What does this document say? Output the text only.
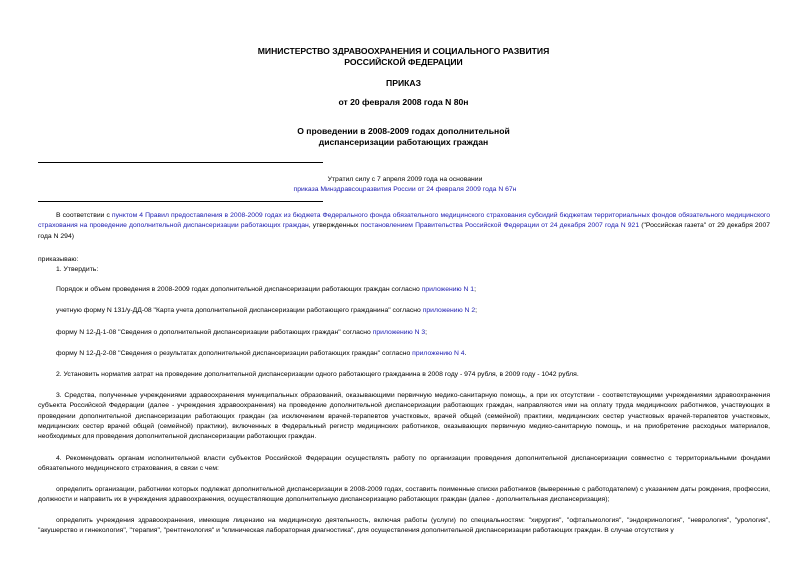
МИНИСТЕРСТВО ЗДРАВООХРАНЕНИЯ И СОЦИАЛЬНОГО РАЗВИТИЯ
РОССИЙСКОЙ ФЕДЕРАЦИИ
ПРИКАЗ
от 20 февраля 2008 года N 80н
О проведении в 2008-2009 годах дополнительной
диспансеризации работающих граждан
Утратил силу с 7 апреля 2009 года на основании
приказа Минздравсоцразвития России от 24 февраля 2009 года N 67н
В соответствии с пунктом 4 Правил предоставления в 2008-2009 годах из бюджета Федерального фонда обязательного медицинского страхования субсидий бюджетам территориальных фондов обязательного медицинского страхования на проведение дополнительной диспансеризации работающих граждан, утвержденных постановлением Правительства Российской Федерации от 24 декабря 2007 года N 921 ("Российская газета" от 29 декабря 2007 года N 294)
приказываю:
1. Утвердить:
Порядок и объем проведения в 2008-2009 годах дополнительной диспансеризации работающих граждан согласно приложению N 1;
учетную форму N 131/у-ДД-08 "Карта учета дополнительной диспансеризации работающего гражданина" согласно приложению N 2;
форму N 12-Д-1-08 "Сведения о дополнительной диспансеризации работающих граждан" согласно приложению N 3;
форму N 12-Д-2-08 "Сведения о результатах дополнительной диспансеризации работающих граждан" согласно приложению N 4.
2. Установить норматив затрат на проведение дополнительной диспансеризации одного работающего гражданина в 2008 году - 974 рубля, в 2009 году - 1042 рубля.
3. Средства, полученные учреждениями здравоохранения муниципальных образований, оказывающими первичную медико-санитарную помощь, а при их отсутствии - соответствующими учреждениями здравоохранения субъекта Российской Федерации (далее - учреждения здравоохранения) на проведение дополнительной диспансеризации работающих граждан, направляются ими на оплату труда медицинских работников, участвующих в проведении дополнительной диспансеризации работающих граждан (за исключением врачей-терапевтов участковых, врачей общей (семейной) практики, медицинских сестер участковых врачей-терапевтов участковых, медицинских сестер врачей общей (семейной) практики), включенных в Федеральный регистр медицинских работников, оказывающих первичную медико-санитарную помощь, и на приобретение расходных материалов, необходимых для проведения дополнительной диспансеризации работающих граждан.
4. Рекомендовать органам исполнительной власти субъектов Российской Федерации осуществлять работу по организации проведения дополнительной диспансеризации совместно с территориальными фондами обязательного медицинского страхования, в связи с чем:
определить организации, работники которых подлежат дополнительной диспансеризации в 2008-2009 годах, составить поименные списки работников (выверенные с работодателем) с указанием даты рождения, профессии, должности и направить их в учреждения здравоохранения, осуществляющие дополнительную диспансеризацию работающих граждан (далее - дополнительная диспансеризация);
определить учреждения здравоохранения, имеющие лицензию на медицинскую деятельность, включая работы (услуги) по специальностям: "хирургия", "офтальмология", "эндокринология", "неврология", "урология", "акушерство и гинекология", "терапия", "рентгенология" и "клиническая лабораторная диагностика", для осуществления дополнительной диспансеризации работающих граждан. В случае отсутствия у
